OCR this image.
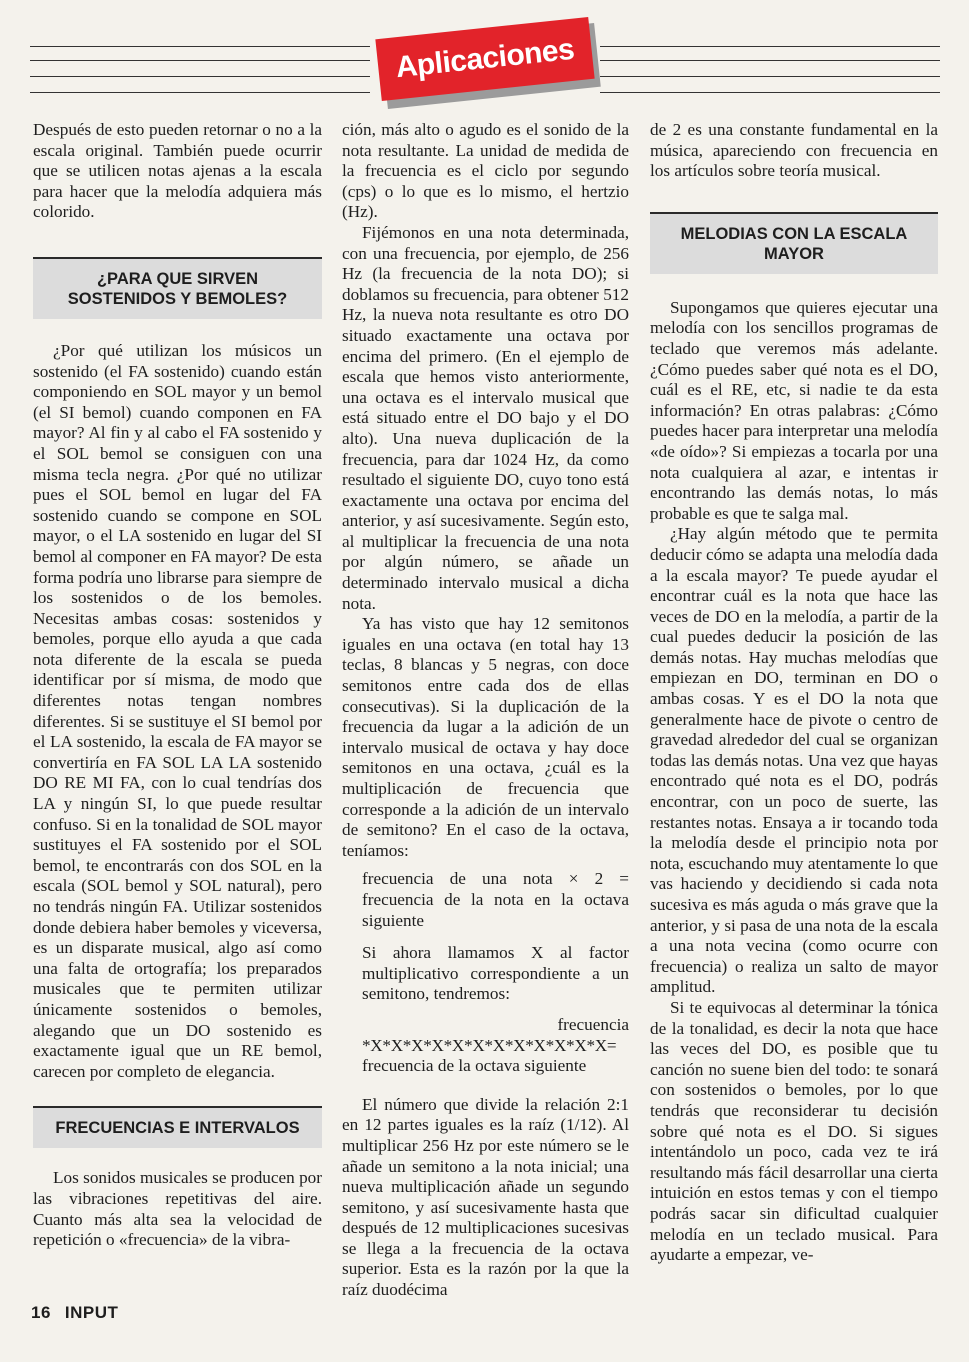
Aplicaciones

Después de esto pueden retornar o no a la escala original. También puede ocurrir que se utilicen notas ajenas a la escala para hacer que la melodía adquiera más colorido.

¿PARA QUE SIRVEN SOSTENIDOS Y BEMOLES?

¿Por qué utilizan los músicos un sostenido (el FA sostenido) cuando están componiendo en SOL mayor y un bemol (el SI bemol) cuando componen en FA mayor? Al fin y al cabo el FA sostenido y el SOL bemol se consiguen con una misma tecla negra. ¿Por qué no utilizar pues el SOL bemol en lugar del FA sostenido cuando se compone en SOL mayor, o el LA sostenido en lugar del SI bemol al componer en FA mayor? De esta forma podría uno librarse para siempre de los sostenidos o de los bemoles. Necesitas ambas cosas: sostenidos y bemoles, porque ello ayuda a que cada nota diferente de la escala se pueda identificar por sí misma, de modo que diferentes notas tengan nombres diferentes. Si se sustituye el SI bemol por el LA sostenido, la escala de FA mayor se convertiría en FA SOL LA LA sostenido DO RE MI FA, con lo cual tendrías dos LA y ningún SI, lo que puede resultar confuso. Si en la tonalidad de SOL mayor sustituyes el FA sostenido por el SOL bemol, te encontrarás con dos SOL en la escala (SOL bemol y SOL natural), pero no tendrás ningún FA. Utilizar sostenidos donde debiera haber bemoles y viceversa, es un disparate musical, algo así como una falta de ortografía; los preparados musicales que te permiten utilizar únicamente sostenidos o bemoles, alegando que un DO sostenido es exactamente igual que un RE bemol, carecen por completo de elegancia.

FRECUENCIAS E INTERVALOS

Los sonidos musicales se producen por las vibraciones repetitivas del aire. Cuanto más alta sea la velocidad de repetición o «frecuencia» de la vibra-

ción, más alto o agudo es el sonido de la nota resultante. La unidad de medida de la frecuencia es el ciclo por segundo (cps) o lo que es lo mismo, el hertzio (Hz).

Fijémonos en una nota determinada, con una frecuencia, por ejemplo, de 256 Hz (la frecuencia de la nota DO); si doblamos su frecuencia, para obtener 512 Hz, la nueva nota resultante es otro DO situado exactamente una octava por encima del primero. (En el ejemplo de escala que hemos visto anteriormente, una octava es el intervalo musical que está situado entre el DO bajo y el DO alto). Una nueva duplicación de la frecuencia, para dar 1024 Hz, da como resultado el siguiente DO, cuyo tono está exactamente una octava por encima del anterior, y así sucesivamente. Según esto, al multiplicar la frecuencia de una nota por algún número, se añade un determinado intervalo musical a dicha nota.

Ya has visto que hay 12 semitonos iguales en una octava (en total hay 13 teclas, 8 blancas y 5 negras, con doce semitonos entre cada dos de ellas consecutivas). Si la duplicación de la frecuencia da lugar a la adición de un intervalo musical de octava y hay doce semitonos en una octava, ¿cuál es la multiplicación de frecuencia que corresponde a la adición de un intervalo de semitono? En el caso de la octava, teníamos:

frecuencia de una nota × 2 = frecuencia de la nota en la octava siguiente

Si ahora llamamos X al factor multiplicativo correspondiente a un semitono, tendremos:

frecuencia
*X*X*X*X*X*X*X*X*X*X*X*X=
frecuencia de la octava siguiente

El número que divide la relación 2:1 en 12 partes iguales es la raíz (1/12). Al multiplicar 256 Hz por este número se le añade un semitono a la nota inicial; una nueva multiplicación añade un segundo semitono, y así sucesivamente hasta que después de 12 multiplicaciones sucesivas se llega a la frecuencia de la octava superior. Esta es la razón por la que la raíz duodécima

de 2 es una constante fundamental en la música, apareciendo con frecuencia en los artículos sobre teoría musical.

MELODIAS CON LA ESCALA MAYOR

Supongamos que quieres ejecutar una melodía con los sencillos programas de teclado que veremos más adelante. ¿Cómo puedes saber qué nota es el DO, cuál es el RE, etc, si nadie te da esta información? En otras palabras: ¿Cómo puedes hacer para interpretar una melodía «de oído»? Si empiezas a tocarla por una nota cualquiera al azar, e intentas ir encontrando las demás notas, lo más probable es que te salga mal.

¿Hay algún método que te permita deducir cómo se adapta una melodía dada a la escala mayor? Te puede ayudar el encontrar cuál es la nota que hace las veces de DO en la melodía, a partir de la cual puedes deducir la posición de las demás notas. Hay muchas melodías que empiezan en DO, terminan en DO o ambas cosas. Y es el DO la nota que generalmente hace de pivote o centro de gravedad alrededor del cual se organizan todas las demás notas. Una vez que hayas encontrado qué nota es el DO, podrás encontrar, con un poco de suerte, las restantes notas. Ensaya a ir tocando toda la melodía desde el principio nota por nota, escuchando muy atentamente lo que vas haciendo y decidiendo si cada nota sucesiva es más aguda o más grave que la anterior, y si pasa de una nota de la escala a una nota vecina (como ocurre con frecuencia) o realiza un salto de mayor amplitud.

Si te equivocas al determinar la tónica de la tonalidad, es decir la nota que hace las veces del DO, es posible que tu canción no suene bien del todo: te sonará con sostenidos o bemoles, por lo que tendrás que reconsiderar tu decisión sobre qué nota es el DO. Si sigues intentándolo un poco, cada vez te irá resultando más fácil desarrollar una cierta intuición en estos temas y con el tiempo podrás sacar sin dificultad cualquier melodía en un teclado musical. Para ayudarte a empezar, ve-

16 INPUT
